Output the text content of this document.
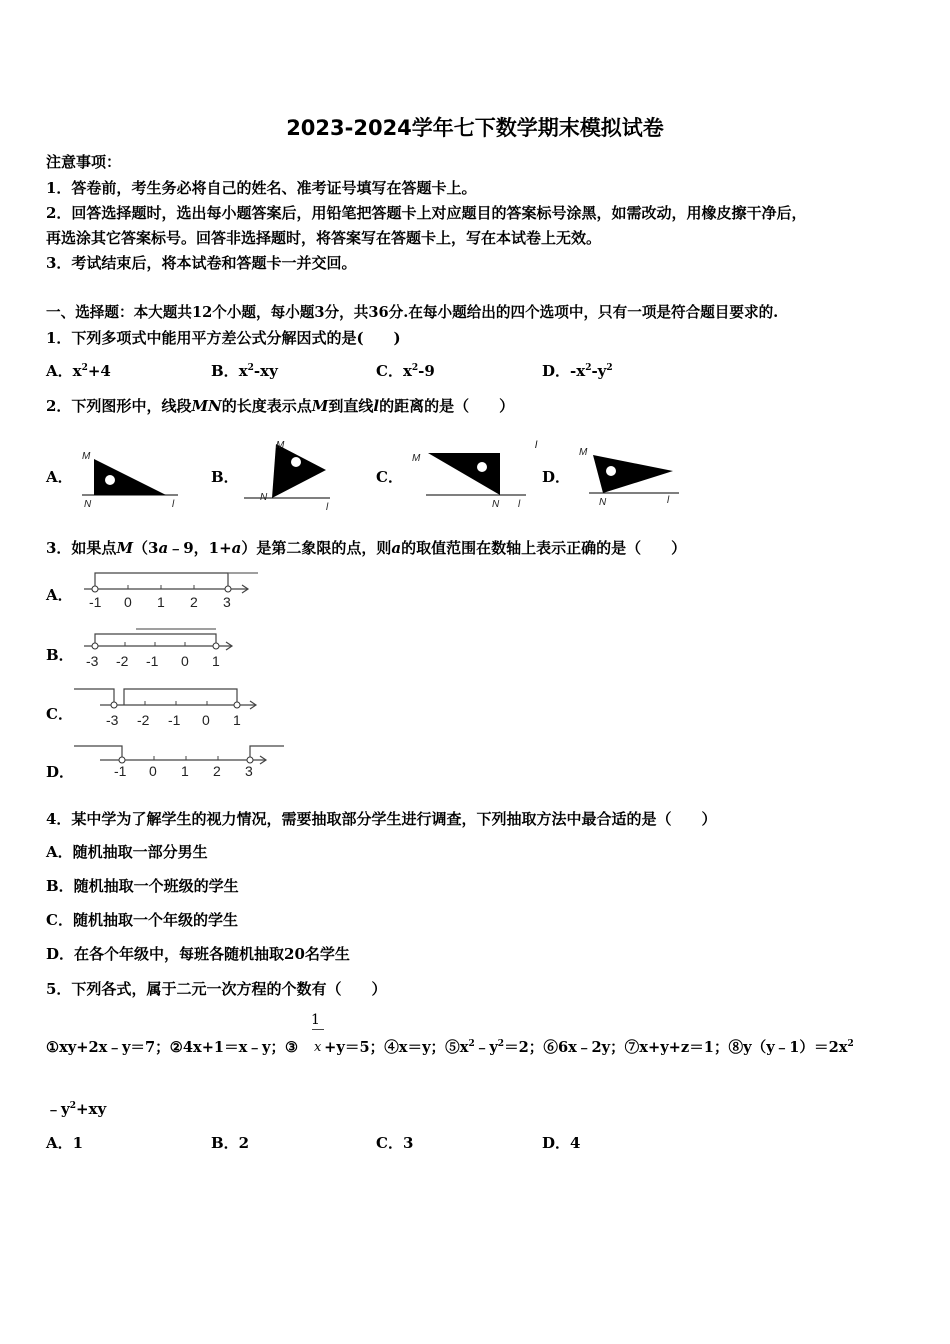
2023-2024学年七下数学期末模拟试卷
注意事项：
1．答卷前，考生务必将自己的姓名、准考证号填写在答题卡上。
2．回答选择题时，选出每小题答案后，用铅笔把答题卡上对应题目的答案标号涂黑，如需改动，用橡皮擦干净后，
再选涂其它答案标号。回答非选择题时，将答案写在答题卡上，写在本试卷上无效。
3．考试结束后，将本试卷和答题卡一并交回。
一、选择题：本大题共12个小题，每小题3分，共36分.在每小题给出的四个选项中，只有一项是符合题目要求的.
1．下列多项式中能用平方差公式分解因式的是(　　)
A．$x^2+4$	B．$x^2-xy$	C．$x^2-9$	D．$-x^2-y^2$
2．下列图形中，线段MN的长度表示点M到直线l的距离的是（　　）
A．	B．	C．	D．
M
N	l
M
N
l
M
N l
l
M
N	l
3．如果点M（3a﹣9，1+a）是第二象限的点，则a的取值范围在数轴上表示正确的是（　　）
A．
B．
C．
D．
-1 0 1 2 3
-3 -2 -1 0 1
-3 -2 -1 0 1
-1 0 1 2 3
4．某中学为了解学生的视力情况，需要抽取部分学生进行调查，下列抽取方法中最合适的是（　　）
A．随机抽取一部分男生
B．随机抽取一个班级的学生
C．随机抽取一个年级的学生
D．在各个年级中，每班各随机抽取20名学生
5．下列各式，属于二元一次方程的个数有（　　）
1
x
①xy+2x﹣y＝7；②4x+1＝x﹣y；③ +y＝5；④x＝y；$⑤x^2﹣y^2=2$；⑥6x﹣2y；⑦x+y+z＝1；$⑧y(y﹣1)=2x^2$
$﹣y^2+xy$
A．1	B．2	C．3	D．4
